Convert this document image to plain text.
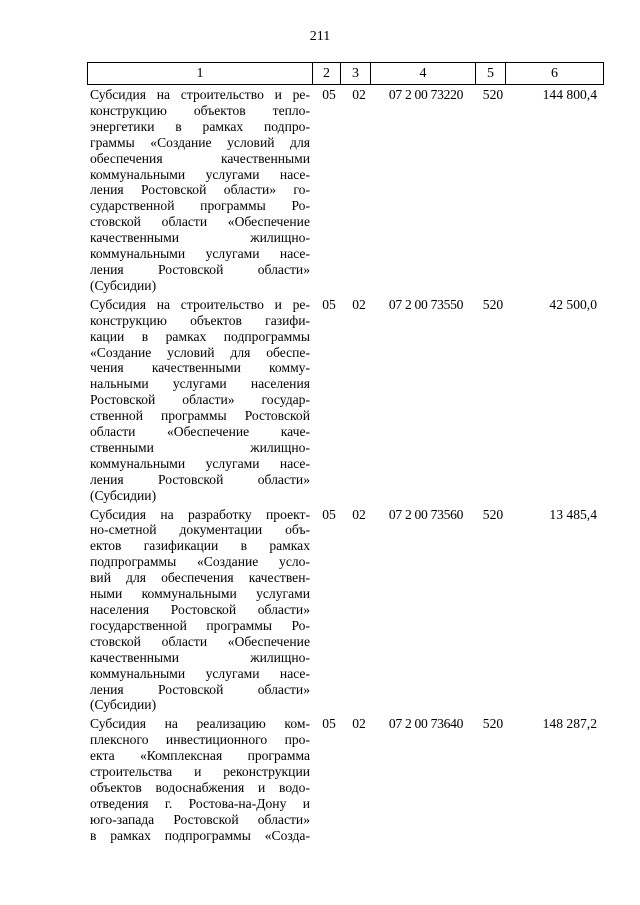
211
1	2	3	4	5	6
Субсидия на строительство и ре-
конструкцию объектов тепло-
энергетики в рамках подпро-
граммы «Создание условий для
обеспечения качественными
коммунальными услугами насе-
ления Ростовской области» го-
сударственной программы Ро-
стовской области «Обеспечение
качественными жилищно-
коммунальными услугами насе-
ления Ростовской области»
(Субсидии)
05	02	07 2 00 73220	520	144 800,4
Субсидия на строительство и ре-
конструкцию объектов газифи-
кации в рамках подпрограммы
«Создание условий для обеспе-
чения качественными комму-
нальными услугами населения
Ростовской области» государ-
ственной программы Ростовской
области «Обеспечение каче-
ственными жилищно-
коммунальными услугами насе-
ления Ростовской области»
(Субсидии)
05	02	07 2 00 73550	520	42 500,0
Субсидия на разработку проект-
но-сметной документации объ-
ектов газификации в рамках
подпрограммы «Создание усло-
вий для обеспечения качествен-
ными коммунальными услугами
населения Ростовской области»
государственной программы Ро-
стовской области «Обеспечение
качественными жилищно-
коммунальными услугами насе-
ления Ростовской области»
(Субсидии)
05	02	07 2 00 73560	520	13 485,4
Субсидия на реализацию ком-
плексного инвестиционного про-
екта «Комплексная программа
строительства и реконструкции
объектов водоснабжения и водо-
отведения г. Ростова-на-Дону и
юго-запада Ростовской области»
в рамках подпрограммы «Созда-
05	02	07 2 00 73640	520	148 287,2
